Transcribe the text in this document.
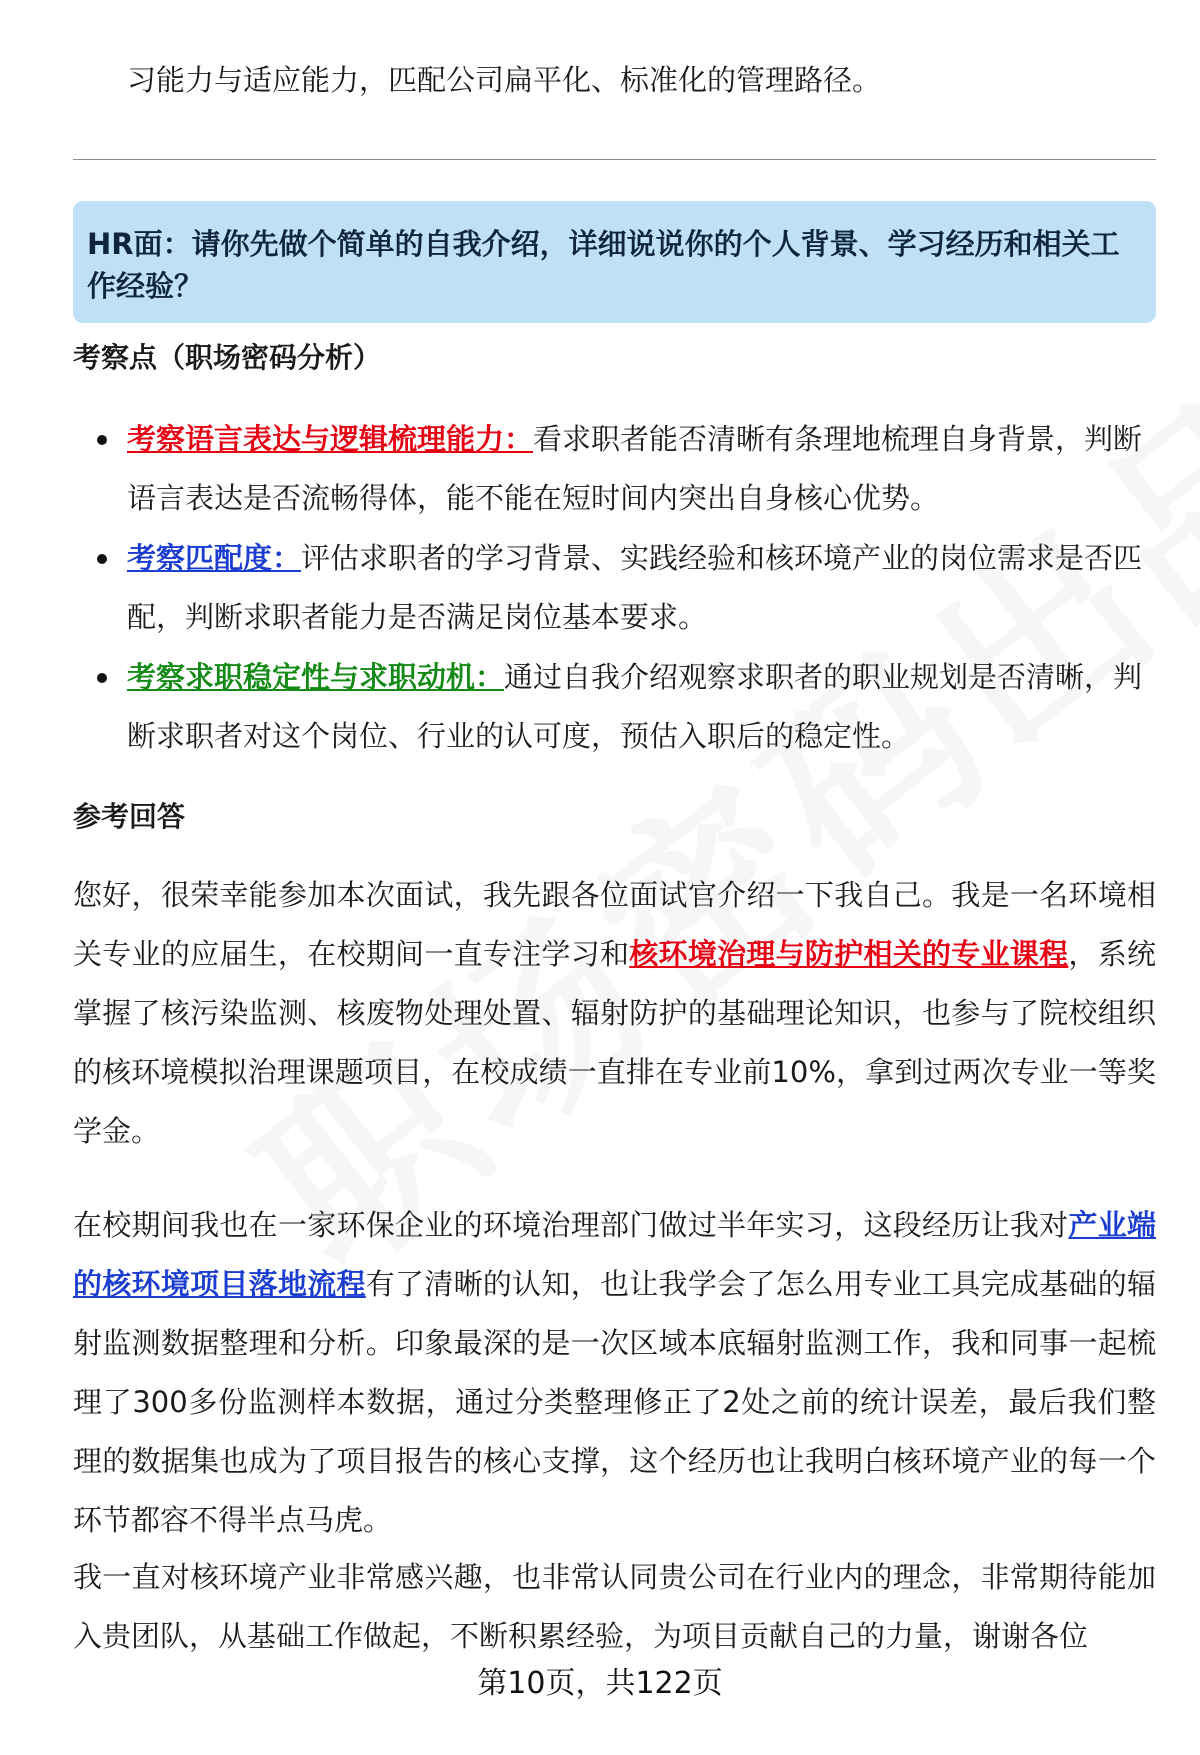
习能力与适应能力，匹配公司扁平化、标准化的管理路径。
HR面：请你先做个简单的自我介绍，详细说说你的个人背景、学习经历和相关工作经验？
考察点（职场密码分析）
考察语言表达与逻辑梳理能力：看求职者能否清晰有条理地梳理自身背景，判断语言表达是否流畅得体，能不能在短时间内突出自身核心优势。
考察匹配度：评估求职者的学习背景、实践经验和核环境产业的岗位需求是否匹配，判断求职者能力是否满足岗位基本要求。
考察求职稳定性与求职动机：通过自我介绍观察求职者的职业规划是否清晰，判断求职者对这个岗位、行业的认可度，预估入职后的稳定性。
参考回答

您好，很荣幸能参加本次面试，我先跟各位面试官介绍一下我自己。我是一名环境相关专业的应届生，在校期间一直专注学习和核环境治理与防护相关的专业课程，系统掌握了核污染监测、核废物处理处置、辐射防护的基础理论知识，也参与了院校组织的核环境模拟治理课题项目，在校成绩一直排在专业前10%，拿到过两次专业一等奖学金。

在校期间我也在一家环保企业的环境治理部门做过半年实习，这段经历让我对产业端的核环境项目落地流程有了清晰的认知，也让我学会了怎么用专业工具完成基础的辐射监测数据整理和分析。印象最深的是一次区域本底辐射监测工作，我和同事一起梳理了300多份监测样本数据，通过分类整理修正了2处之前的统计误差，最后我们整理的数据集也成为了项目报告的核心支撑，这个经历也让我明白核环境产业的每一个环节都容不得半点马虎。

我一直对核环境产业非常感兴趣，也非常认同贵公司在行业内的理念，非常期待能加入贵团队，从基础工作做起，不断积累经验，为项目贡献自己的力量，谢谢各位

第10页，共122页
